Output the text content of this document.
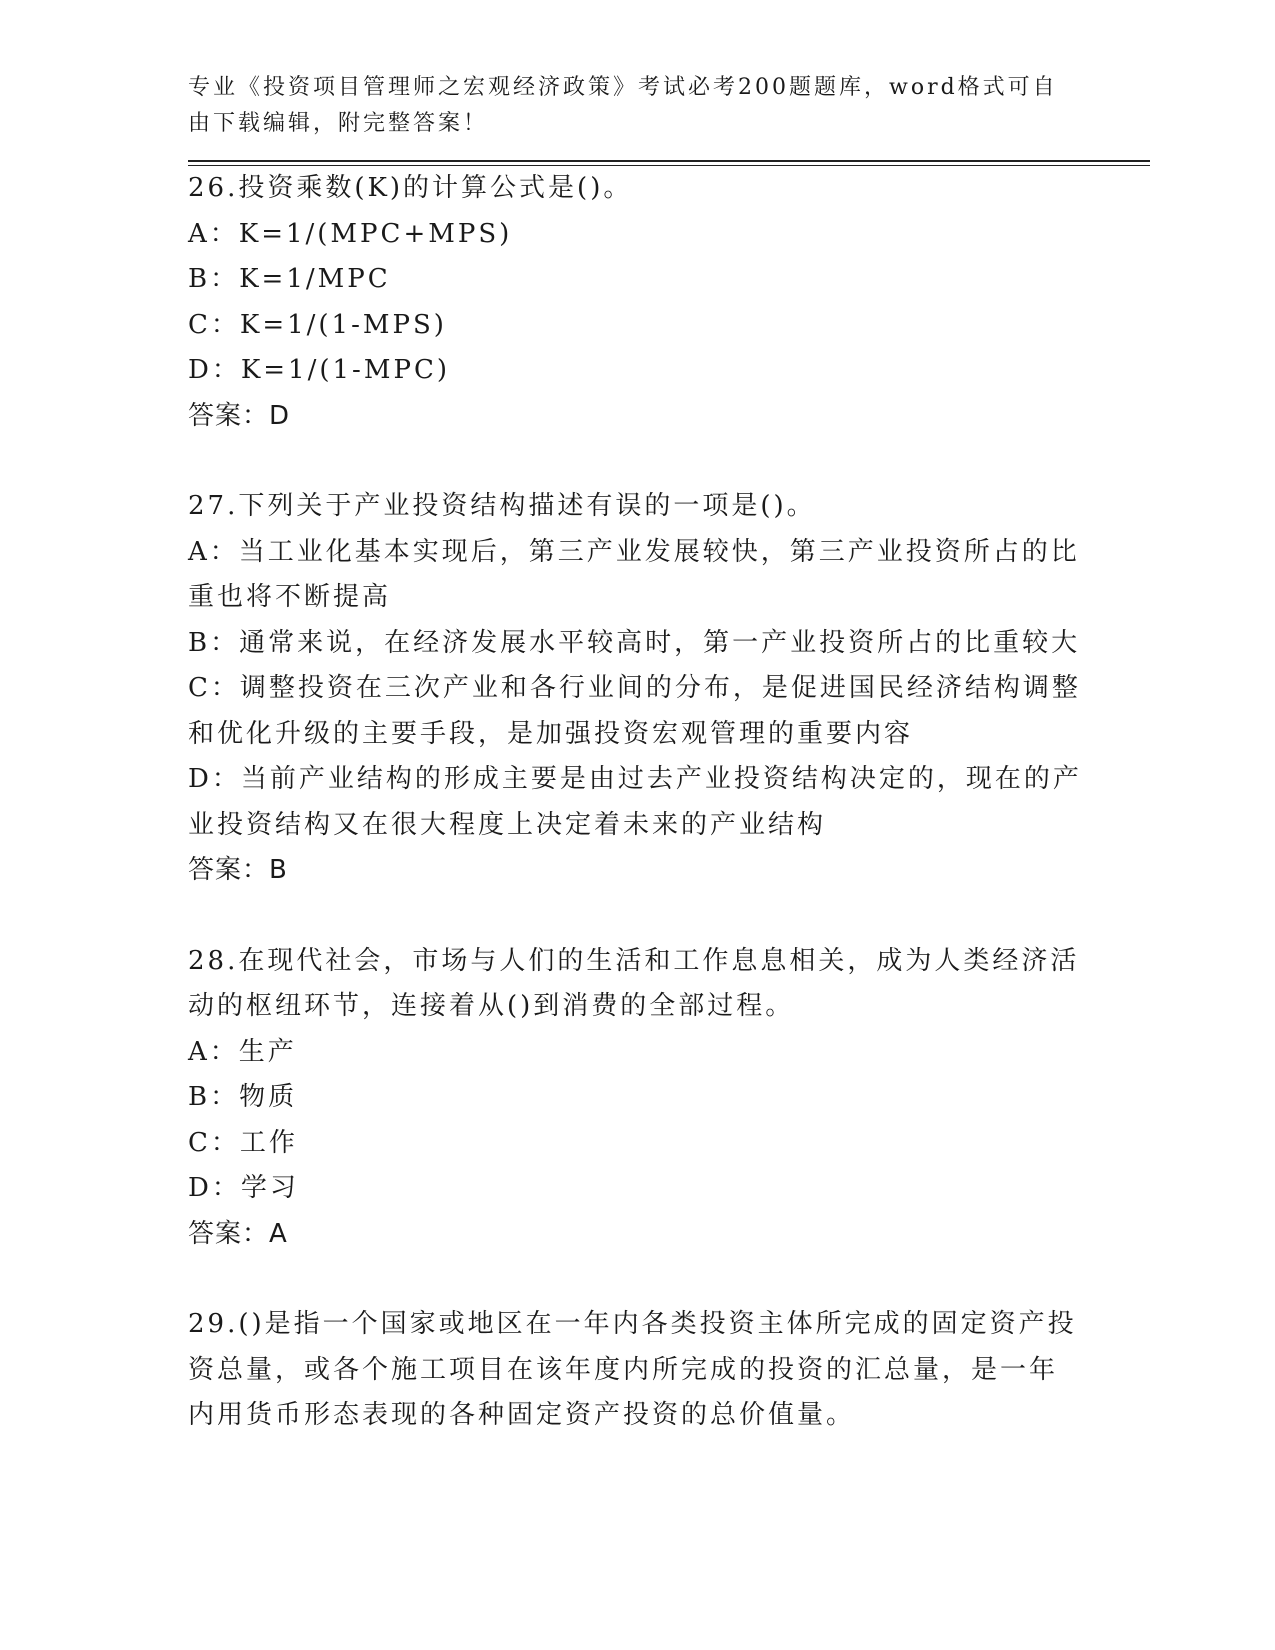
专业《投资项目管理师之宏观经济政策》考试必考200题题库，word格式可自由下载编辑，附完整答案！
26.投资乘数(K)的计算公式是()。
A：K=1/(MPC+MPS)
B：K=1/MPC
C：K=1/(1-MPS)
D：K=1/(1-MPC)
答案：D
27.下列关于产业投资结构描述有误的一项是()。
A：当工业化基本实现后，第三产业发展较快，第三产业投资所占的比重也将不断提高
B：通常来说，在经济发展水平较高时，第一产业投资所占的比重较大
C：调整投资在三次产业和各行业间的分布，是促进国民经济结构调整和优化升级的主要手段，是加强投资宏观管理的重要内容
D：当前产业结构的形成主要是由过去产业投资结构决定的，现在的产业投资结构又在很大程度上决定着未来的产业结构
答案：B
28.在现代社会，市场与人们的生活和工作息息相关，成为人类经济活动的枢纽环节，连接着从()到消费的全部过程。
A：生产
B：物质
C：工作
D：学习
答案：A
29.()是指一个国家或地区在一年内各类投资主体所完成的固定资产投资总量，或各个施工项目在该年度内所完成的投资的汇总量，是一年内用货币形态表现的各种固定资产投资的总价值量。
